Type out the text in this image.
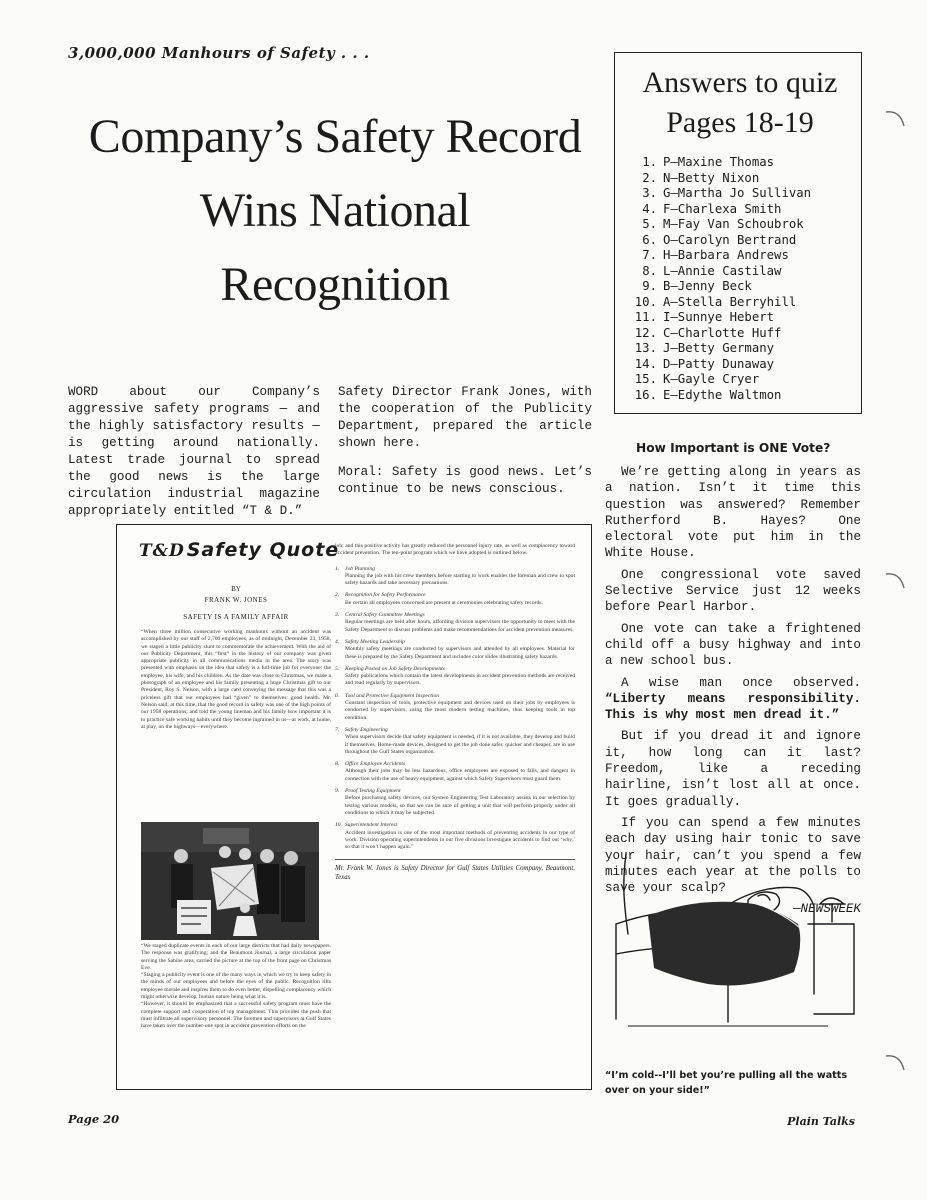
3,000,000 Manhours of Safety . . .
Company’s Safety Record
Wins National
Recognition
Answers to quiz
Pages 18-19
1. P—Maxine Thomas
2. N—Betty Nixon
3. G—Martha Jo Sullivan
4. F—Charlexa Smith
5. M—Fay Van Schoubrok
6. O—Carolyn Bertrand
7. H—Barbara Andrews
8. L—Annie Castilaw
9. B—Jenny Beck
10. A—Stella Berryhill
11. I—Sunnye Hebert
12. C—Charlotte Huff
13. J—Betty Germany
14. D—Patty Dunaway
15. K—Gayle Cryer
16. E—Edythe Waltmon

WORD about our Company’s aggressive safety programs — and the highly satisfactory results — is getting around nationally. Latest trade journal to spread the good news is the large circulation industrial magazine appropriately entitled “T & D.”

Safety Director Frank Jones, with the cooperation of the Publicity Department, prepared the article shown here.

Moral: Safety is good news. Let’s continue to be news conscious.

How Important is ONE Vote?

We’re getting along in years as a nation. Isn’t it time this question was answered? Remember Rutherford B. Hayes? One electoral vote put him in the White House.

One congressional vote saved Selective Service just 12 weeks before Pearl Harbor.

One vote can take a frightened child off a busy highway and into a new school bus.

A wise man once observed. “Liberty means responsibility. This is why most men dread it.”

But if you dread it and ignore it, how long can it last? Freedom, like a receding hairline, isn’t lost all at once. It goes gradually.

If you can spend a few minutes each day using hair tonic to save your hair, can’t you spend a few minutes each year at the polls to save your scalp?

—NEWSWEEK

“I’m cold--I’ll bet you’re pulling all the watts over on your side!”
T&D Safety Quote
BY
FRANK W. JONES
SAFETY IS A FAMILY AFFAIR
“When three million consecutive working manhours without an accident was accomplished by our staff of 2,700 employees, as of midnight, December 23, 1958, we staged a little publicity stunt to commemorate the achievement. With the aid of our Publicity Department, this “first” in the history of our company was given appropriate publicity in all communications media in the area. The story was presented with emphasis on the idea that safety is a full-time job for everyone: the employee, his wife, and his children. As the date was close to Christmas, we made a photograph of an employee and his family presenting a huge Christmas gift to our President, Roy S. Nelson, with a large card conveying the message that this was a priceless gift that our employees had “given” to themselves: good health. Mr. Nelson said, at this time, that the good record in safety was one of the high points of our 1958 operations; and told the young lineman and his family how important it is to practice safe working habits until they become ingrained in us—at work, at home, at play, on the highways—everywhere.

“We staged duplicate events in each of our large districts that had daily newspapers. The response was gratifying; and the Beaumont Journal, a large circulation paper serving the Sabine area, carried the picture at the top of the front page on Christmas Eve.

“Staging a publicity event is one of the many ways in which we try to keep safety in the minds of our employees and before the eyes of the public. Recognition lifts employee morale and inspires them to do even better, dispelling complacency which might otherwise develop, human nature being what it is.

“However, it should be emphasized that a successful safety program must have the complete support and cooperation of top management. This provides the push that must infiltrate all supervisory personnel. The foremen and supervisors at Gulf States have taken over the number-one spot in accident prevention efforts on the

job; and this positive activity has greatly reduced the personnel injury rate, as well as complacency toward accident prevention. The ten-point program which we have adopted is outlined below.

1. Job Planning
Planning the job with his crew members before starting to work enables the foreman and crew to spot safety hazards and take necessary precautions.
2. Recognition for Safety Performance
Be certain all employees concerned are present at ceremonies celebrating safety records.
3. Central Safety Committee Meetings
Regular meetings are held after hours, affording division supervisors the opportunity to meet with the Safety Department to discuss problems and make recommendations for accident prevention measures.
4. Safety Meeting Leadership
Monthly safety meetings are conducted by supervisors and attended by all employees. Material for these is prepared by the Safety Department and includes color slides illustrating safety hazards.
5. Keeping Posted on Job Safety Developments
Safety publications which contain the latest developments in accident prevention methods are received and read regularly by supervisors.
6. Tool and Protective Equipment Inspection
Constant inspection of tools, protective equipment and devices used on their jobs by employees is conducted by supervisors, using the most modern testing machines, thus keeping tools in top condition.
7. Safety Engineering
When supervisors decide that safety equipment is needed, if it is not available, they develop and build it themselves. Home-made devices, designed to get the job done safer, quicker and cheaper, are in use throughout the Gulf States organization.
8. Office Employee Accidents
Although their jobs may be less hazardous, office employees are exposed to falls, and dangers in connection with the use of heavy equipment, against which Safety Supervisors must guard them.
9. Proof Testing Equipment
Before purchasing safety devices, our System Engineering Test Laboratory assists in our selection by testing various models, so that we can be sure of getting a unit that will perform properly under all conditions to which it may be subjected.
10. Superintendent Interest
Accident investigation is one of the most important methods of preventing accidents in our type of work. Division operating superintendents in our five divisions investigate accidents to find out ‘why,’ so that it won’t happen again.”
Mr. Frank W. Jones is Safety Director for Gulf States Utilities Company, Beaumont, Texas
Page 20	Plain Talks
